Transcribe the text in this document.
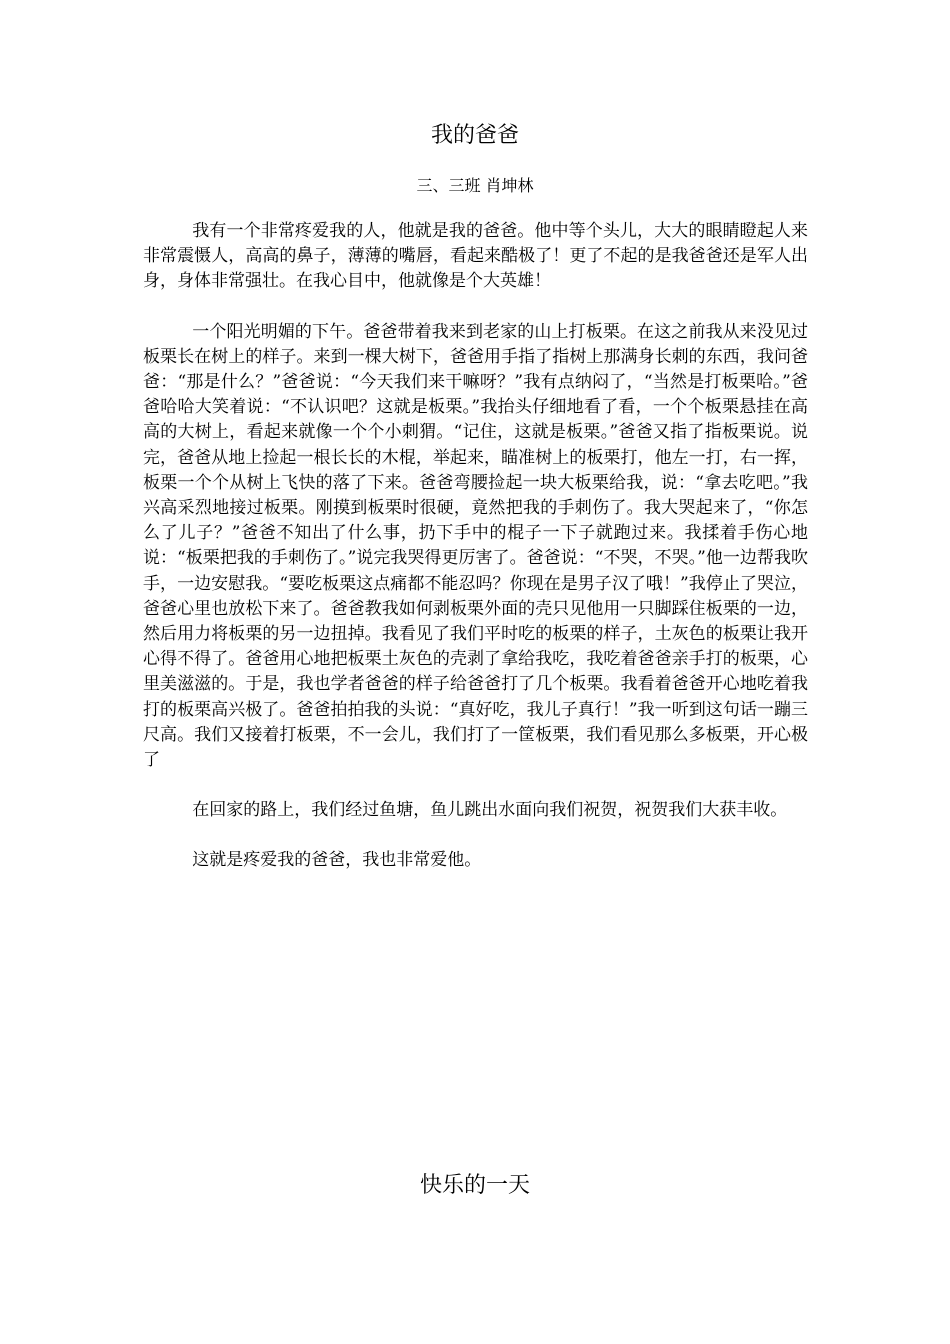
我的爸爸
三、三班 肖坤林

我有一个非常疼爱我的人，他就是我的爸爸。他中等个头儿，大大的眼睛瞪起人来非常震慑人，高高的鼻子，薄薄的嘴唇，看起来酷极了！更了不起的是我爸爸还是军人出身，身体非常强壮。在我心目中，他就像是个大英雄！

一个阳光明媚的下午。爸爸带着我来到老家的山上打板栗。在这之前我从来没见过板栗长在树上的样子。来到一棵大树下，爸爸用手指了指树上那满身长刺的东西，我问爸爸：“那是什么？”爸爸说：“今天我们来干嘛呀？”我有点纳闷了，“当然是打板栗哈。”爸爸哈哈大笑着说：“不认识吧？这就是板栗。”我抬头仔细地看了看，一个个板栗悬挂在高高的大树上，看起来就像一个个小刺猬。“记住，这就是板栗。”爸爸又指了指板栗说。说完，爸爸从地上捡起一根长长的木棍，举起来，瞄准树上的板栗打，他左一打，右一挥，板栗一个个从树上飞快的落了下来。爸爸弯腰捡起一块大板栗给我，说：“拿去吃吧。”我兴高采烈地接过板栗。刚摸到板栗时很硬，竟然把我的手刺伤了。我大哭起来了，“你怎么了儿子？”爸爸不知出了什么事，扔下手中的棍子一下子就跑过来。我揉着手伤心地说：“板栗把我的手刺伤了。”说完我哭得更厉害了。爸爸说：“不哭，不哭。”他一边帮我吹手，一边安慰我。“要吃板栗这点痛都不能忍吗？你现在是男子汉了哦！”我停止了哭泣，爸爸心里也放松下来了。爸爸教我如何剥板栗外面的壳只见他用一只脚踩住板栗的一边，然后用力将板栗的另一边扭掉。我看见了我们平时吃的板栗的样子，土灰色的板栗让我开心得不得了。爸爸用心地把板栗土灰色的壳剥了拿给我吃，我吃着爸爸亲手打的板栗，心里美滋滋的。于是，我也学者爸爸的样子给爸爸打了几个板栗。我看着爸爸开心地吃着我打的板栗高兴极了。爸爸拍拍我的头说：“真好吃，我儿子真行！”我一听到这句话一蹦三尺高。我们又接着打板栗，不一会儿，我们打了一筐板栗，我们看见那么多板栗，开心极了

在回家的路上，我们经过鱼塘，鱼儿跳出水面向我们祝贺，祝贺我们大获丰收。

这就是疼爱我的爸爸，我也非常爱他。

快乐的一天
